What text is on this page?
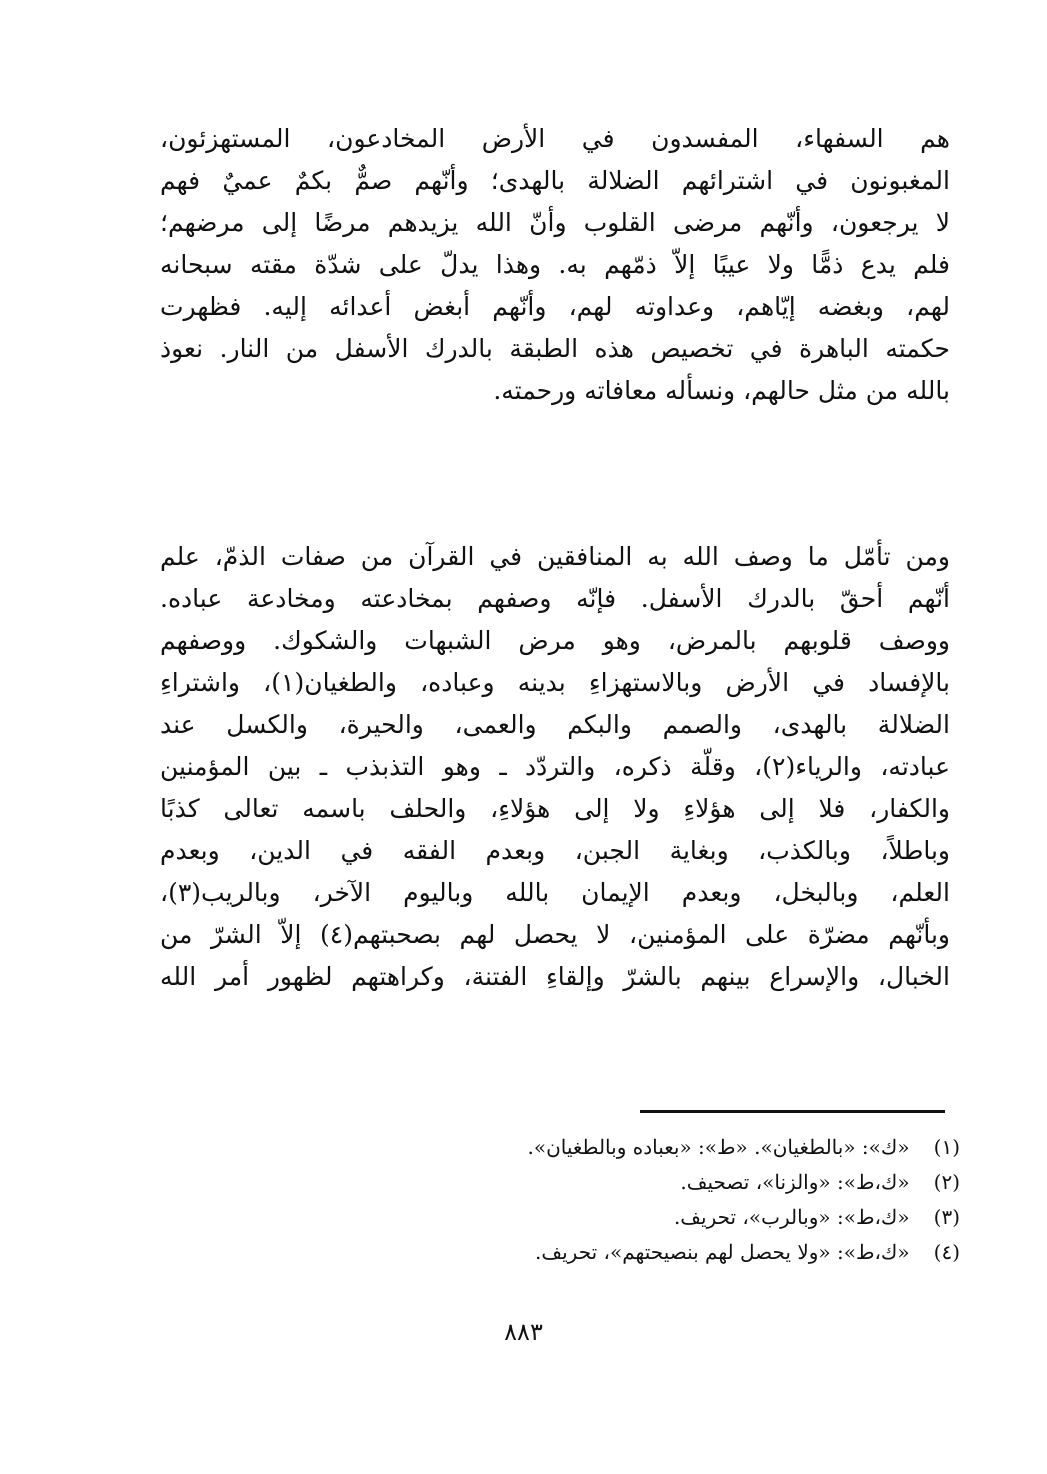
هم السفهاء، المفسدون في الأرض المخادعون، المستهزئون،
المغبونون في اشترائهم الضلالة بالهدى؛ وأنّهم صمٌّ بكمٌ عميٌ فهم
لا يرجعون، وأنّهم مرضى القلوب وأنّ الله يزيدهم مرضًا إلى مرضهم؛
فلم يدع ذمًّا ولا عيبًا إلاّ ذمّهم به. وهذا يدلّ على شدّة مقته سبحانه
لهم، وبغضه إيّاهم، وعداوته لهم، وأنّهم أبغض أعدائه إليه. فظهرت
حكمته الباهرة في تخصيص هذه الطبقة بالدرك الأسفل من النار. نعوذ
بالله من مثل حالهم، ونسأله معافاته ورحمته.
ومن تأمّل ما وصف الله به المنافقين في القرآن من صفات الذمّ، علم
أنّهم أحقّ بالدرك الأسفل. فإنّه وصفهم بمخادعته ومخادعة عباده.
ووصف قلوبهم بالمرض، وهو مرض الشبهات والشكوك. ووصفهم
بالإفساد في الأرض وبالاستهزاءِ بدينه وعباده، والطغيان(١)، واشتراءِ
الضلالة بالهدى، والصمم والبكم والعمى، والحيرة، والكسل عند
عبادته، والرياء(٢)، وقلّة ذكره، والتردّد ـ وهو التذبذب ـ بين المؤمنين
والكفار، فلا إلى هؤلاءِ ولا إلى هؤلاءِ، والحلف باسمه تعالى كذبًا
وباطلاً، وبالكذب، وبغاية الجبن، وبعدم الفقه في الدين، وبعدم
العلم، وبالبخل، وبعدم الإيمان بالله وباليوم الآخر، وبالريب(٣)،
وبأنّهم مضرّة على المؤمنين، لا يحصل لهم بصحبتهم(٤) إلاّ الشرّ من
الخبال، والإسراع بينهم بالشرّ وإلقاءِ الفتنة، وكراهتهم لظهور أمر الله
(١) «ك»: «بالطغيان». «ط»: «بعباده وبالطغيان».
(٢) «ك،ط»: «والزنا»، تصحيف.
(٣) «ك،ط»: «وبالرب»، تحريف.
(٤) «ك،ط»: «ولا يحصل لهم بنصيحتهم»، تحريف.
٨٨٣
